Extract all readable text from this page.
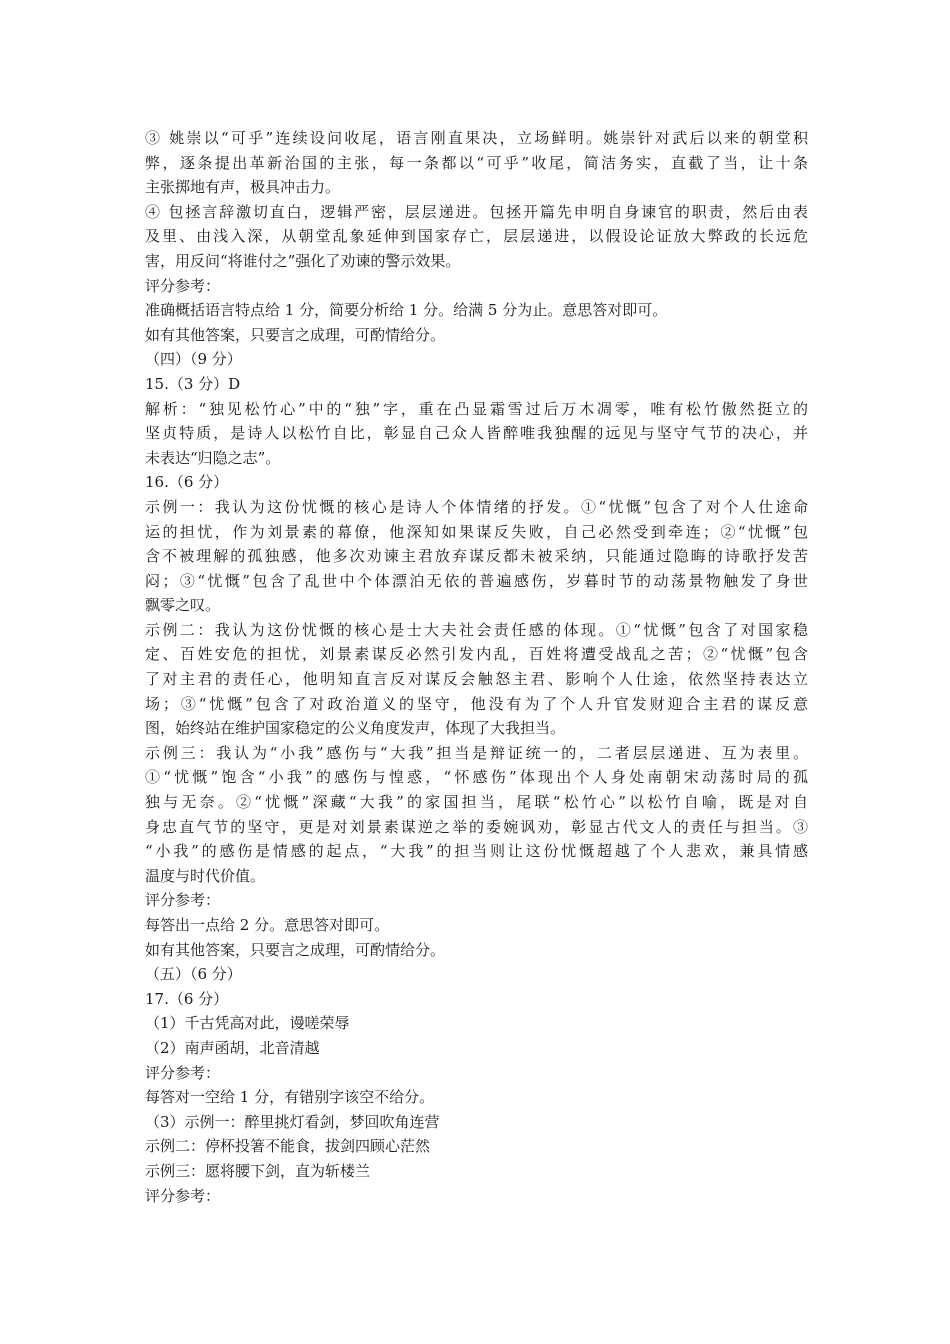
③ 姚崇以“可乎”连续设问收尾，语言刚直果决，立场鲜明。姚崇针对武后以来的朝堂积
弊，逐条提出革新治国的主张，每一条都以“可乎”收尾，简洁务实，直截了当，让十条
主张掷地有声，极具冲击力。
④ 包拯言辞激切直白，逻辑严密，层层递进。包拯开篇先申明自身谏官的职责，然后由表
及里、由浅入深，从朝堂乱象延伸到国家存亡，层层递进，以假设论证放大弊政的长远危
害，用反问“将谁付之”强化了劝谏的警示效果。
评分参考：
准确概括语言特点给 1 分，简要分析给 1 分。给满 5 分为止。意思答对即可。
如有其他答案，只要言之成理，可酌情给分。
（四）（9 分）
15.（3 分）D
解析：“独见松竹心”中的“独”字，重在凸显霜雪过后万木凋零，唯有松竹傲然挺立的
坚贞特质，是诗人以松竹自比，彰显自己众人皆醉唯我独醒的远见与坚守气节的决心，并
未表达“归隐之志”。
16.（6 分）
示例一：我认为这份忧慨的核心是诗人个体情绪的抒发。①“忧慨”包含了对个人仕途命
运的担忧，作为刘景素的幕僚，他深知如果谋反失败，自己必然受到牵连；②“忧慨”包
含不被理解的孤独感，他多次劝谏主君放弃谋反都未被采纳，只能通过隐晦的诗歌抒发苦
闷；③“忧慨”包含了乱世中个体漂泊无依的普遍感伤，岁暮时节的动荡景物触发了身世
飘零之叹。
示例二：我认为这份忧慨的核心是士大夫社会责任感的体现。①“忧慨”包含了对国家稳
定、百姓安危的担忧，刘景素谋反必然引发内乱，百姓将遭受战乱之苦；②“忧慨”包含
了对主君的责任心，他明知直言反对谋反会触怒主君、影响个人仕途，依然坚持表达立
场；③“忧慨”包含了对政治道义的坚守，他没有为了个人升官发财迎合主君的谋反意
图，始终站在维护国家稳定的公义角度发声，体现了大我担当。
示例三：我认为“小我”感伤与“大我”担当是辩证统一的，二者层层递进、互为表里。
①“忧慨”饱含“小我”的感伤与惶惑，“怀感伤”体现出个人身处南朝宋动荡时局的孤
独与无奈。②“忧慨”深藏“大我”的家国担当，尾联“松竹心”以松竹自喻，既是对自
身忠直气节的坚守，更是对刘景素谋逆之举的委婉讽劝，彰显古代文人的责任与担当。③
“小我”的感伤是情感的起点，“大我”的担当则让这份忧慨超越了个人悲欢，兼具情感
温度与时代价值。
评分参考：
每答出一点给 2 分。意思答对即可。
如有其他答案，只要言之成理，可酌情给分。
（五）（6 分）
17.（6 分）
（1）千古凭高对此，谩嗟荣辱
（2）南声函胡，北音清越
评分参考：
每答对一空给 1 分，有错别字该空不给分。
（3）示例一：醉里挑灯看剑，梦回吹角连营
示例二：停杯投箸不能食，拔剑四顾心茫然
示例三：愿将腰下剑，直为斩楼兰
评分参考：
